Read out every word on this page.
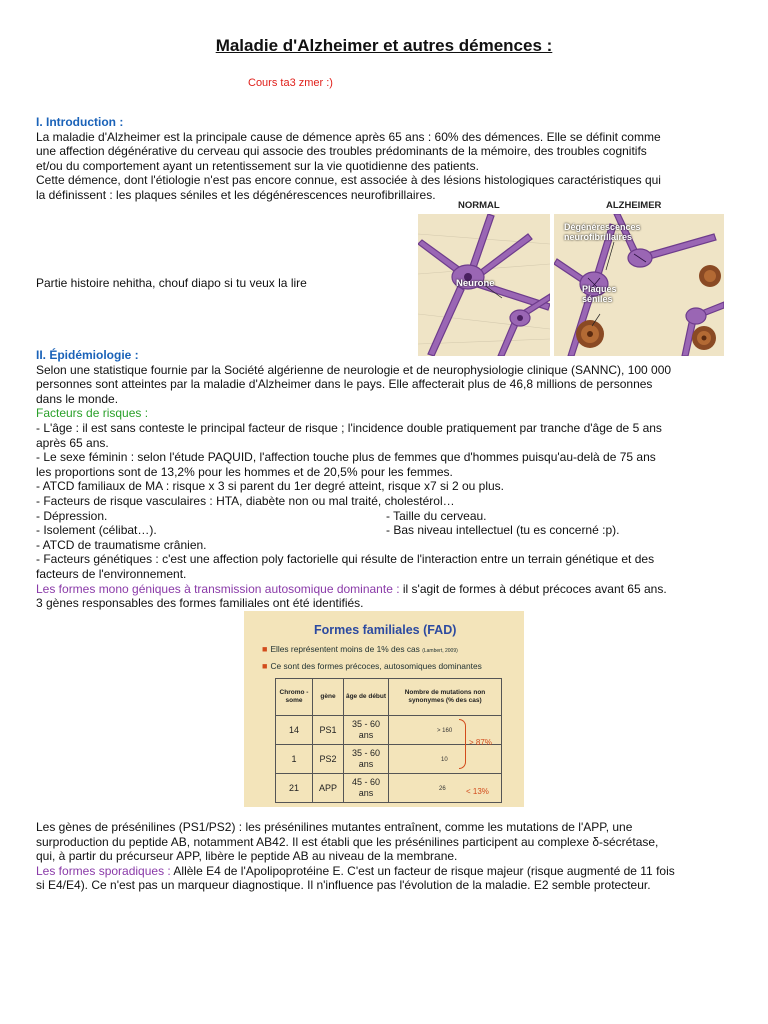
Maladie d'Alzheimer et autres démences :
Cours ta3 zmer :)
I. Introduction :
La maladie d'Alzheimer est la principale cause de démence après 65 ans : 60% des démences. Elle se définit comme
une affection dégénérative du cerveau qui associe des troubles prédominants de la mémoire, des troubles cognitifs
et/ou du comportement ayant un retentissement sur la vie quotidienne des patients.
Cette démence, dont l'étiologie n'est pas encore connue, est associée à des lésions histologiques caractéristiques qui
la définissent : les plaques séniles et les dégénérescences neurofibrillaires.
Partie histoire nehitha, chouf diapo si tu veux la lire
NORMAL	ALZHEIMER
Neurone
Dégénérescences
neurofibrillaires
Plaques
séniles
II. Épidémiologie :
Selon une statistique fournie par la Société algérienne de neurologie et de neurophysiologie clinique (SANNC), 100 000
personnes sont atteintes par la maladie d'Alzheimer dans le pays. Elle affecterait plus de 46,8 millions de personnes
dans le monde.
Facteurs de risques :
- L'âge : il est sans conteste le principal facteur de risque ; l'incidence double pratiquement par tranche d'âge de 5 ans
après 65 ans.
- Le sexe féminin : selon l'étude PAQUID, l'affection touche plus de femmes que d'hommes puisqu'au-delà de 75 ans
les proportions sont de 13,2% pour les hommes et de 20,5% pour les femmes.
- ATCD familiaux de MA : risque x 3 si parent du 1er degré atteint, risque x7 si 2 ou plus.
- Facteurs de risque vasculaires : HTA, diabète non ou mal traité, cholestérol…
- Dépression.	- Taille du cerveau.
- Isolement (célibat…).	- Bas niveau intellectuel (tu es concerné :p).
- ATCD de traumatisme crânien.
- Facteurs génétiques : c'est une affection poly factorielle qui résulte de l'interaction entre un terrain génétique et des
facteurs de l'environnement.
Les formes mono géniques à transmission autosomique dominante : il s'agit de formes à début précoces avant 65 ans.
3 gènes responsables des formes familiales ont été identifiés.
Formes familiales (FAD)
■ Elles représentent moins de 1% des cas (Lambert, 2009)
■ Ce sont des formes précoces, autosomiques dominantes
Chromo -some	gène	âge de début	Nombre de mutations non synonymes (% des cas)
14	PS1	35 - 60 ans	> 160

1	PS2	35 - 60 ans	10

21	APP	45 - 60 ans	26
> 87%
< 13%
Les gènes de présénilines (PS1/PS2) : les présénilines mutantes entraînent, comme les mutations de l'APP, une
surproduction du peptide AB, notamment AB42. Il est établi que les présénilines participent au complexe δ-sécrétase,
qui, à partir du précurseur APP, libère le peptide AB au niveau de la membrane.
Les formes sporadiques : Allèle E4 de l'Apolipoprotéine E. C'est un facteur de risque majeur (risque augmenté de 11 fois
si E4/E4). Ce n'est pas un marqueur diagnostique. Il n'influence pas l'évolution de la maladie. E2 semble protecteur.
